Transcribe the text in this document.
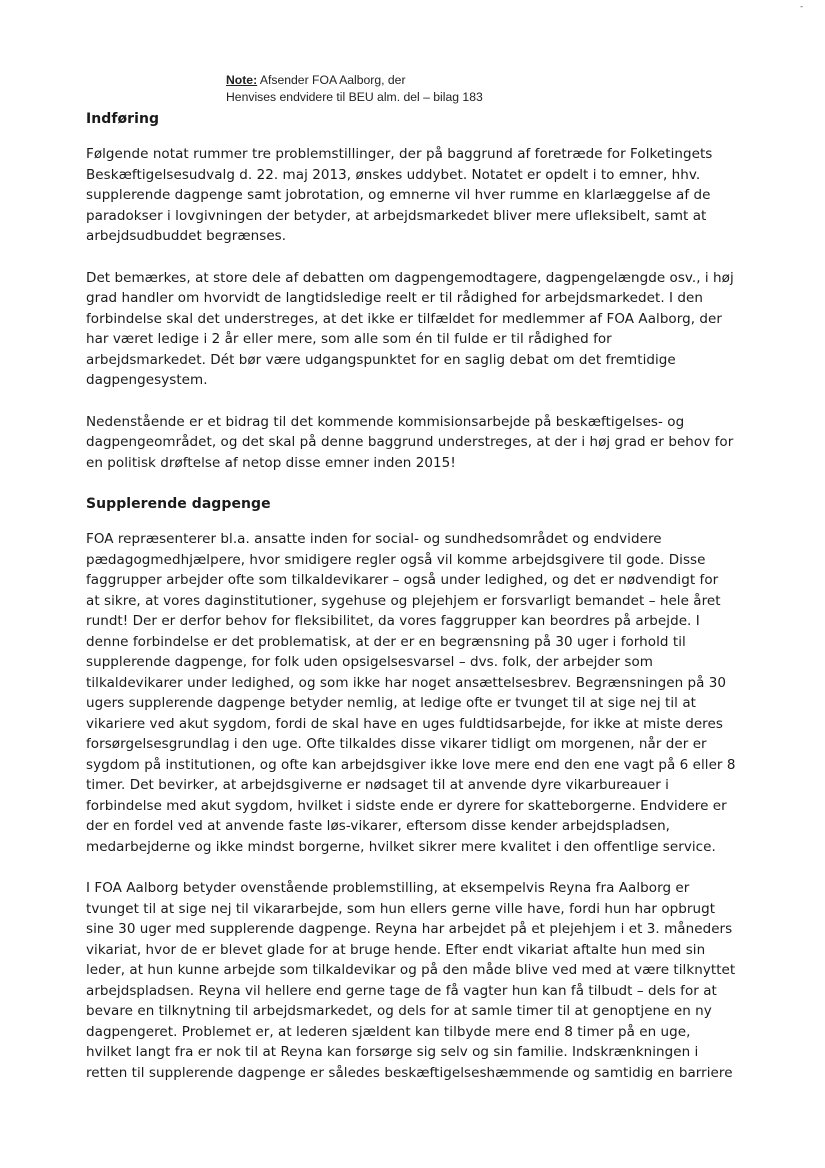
-
Note: Afsender FOA Aalborg, der
Henvises endvidere til BEU alm. del – bilag 183
Indføring

Følgende notat rummer tre problemstillinger, der på baggrund af foretræde for Folketingets
Beskæftigelsesudvalg d. 22. maj 2013, ønskes uddybet. Notatet er opdelt i to emner, hhv.
supplerende dagpenge samt jobrotation, og emnerne vil hver rumme en klarlæggelse af de
paradokser i lovgivningen der betyder, at arbejdsmarkedet bliver mere ufleksibelt, samt at
arbejdsudbuddet begrænses.

Det bemærkes, at store dele af debatten om dagpengemodtagere, dagpengelængde osv., i høj
grad handler om hvorvidt de langtidsledige reelt er til rådighed for arbejdsmarkedet. I den
forbindelse skal det understreges, at det ikke er tilfældet for medlemmer af FOA Aalborg, der
har været ledige i 2 år eller mere, som alle som én til fulde er til rådighed for
arbejdsmarkedet. Dét bør være udgangspunktet for en saglig debat om det fremtidige
dagpengesystem.

Nedenstående er et bidrag til det kommende kommisionsarbejde på beskæftigelses- og
dagpengeområdet, og det skal på denne baggrund understreges, at der i høj grad er behov for
en politisk drøftelse af netop disse emner inden 2015!

Supplerende dagpenge

FOA repræsenterer bl.a. ansatte inden for social- og sundhedsområdet og endvidere
pædagogmedhjælpere, hvor smidigere regler også vil komme arbejdsgivere til gode. Disse
faggrupper arbejder ofte som tilkaldevikarer – også under ledighed, og det er nødvendigt for
at sikre, at vores daginstitutioner, sygehuse og plejehjem er forsvarligt bemandet – hele året
rundt! Der er derfor behov for fleksibilitet, da vores faggrupper kan beordres på arbejde. I
denne forbindelse er det problematisk, at der er en begrænsning på 30 uger i forhold til
supplerende dagpenge, for folk uden opsigelsesvarsel – dvs. folk, der arbejder som
tilkaldevikarer under ledighed, og som ikke har noget ansættelsesbrev. Begrænsningen på 30
ugers supplerende dagpenge betyder nemlig, at ledige ofte er tvunget til at sige nej til at
vikariere ved akut sygdom, fordi de skal have en uges fuldtidsarbejde, for ikke at miste deres
forsørgelsesgrundlag i den uge. Ofte tilkaldes disse vikarer tidligt om morgenen, når der er
sygdom på institutionen, og ofte kan arbejdsgiver ikke love mere end den ene vagt på 6 eller 8
timer. Det bevirker, at arbejdsgiverne er nødsaget til at anvende dyre vikarbureauer i
forbindelse med akut sygdom, hvilket i sidste ende er dyrere for skatteborgerne. Endvidere er
der en fordel ved at anvende faste løs-vikarer, eftersom disse kender arbejdspladsen,
medarbejderne og ikke mindst borgerne, hvilket sikrer mere kvalitet i den offentlige service.

I FOA Aalborg betyder ovenstående problemstilling, at eksempelvis Reyna fra Aalborg er
tvunget til at sige nej til vikararbejde, som hun ellers gerne ville have, fordi hun har opbrugt
sine 30 uger med supplerende dagpenge. Reyna har arbejdet på et plejehjem i et 3. måneders
vikariat, hvor de er blevet glade for at bruge hende. Efter endt vikariat aftalte hun med sin
leder, at hun kunne arbejde som tilkaldevikar og på den måde blive ved med at være tilknyttet
arbejdspladsen. Reyna vil hellere end gerne tage de få vagter hun kan få tilbudt – dels for at
bevare en tilknytning til arbejdsmarkedet, og dels for at samle timer til at genoptjene en ny
dagpengeret. Problemet er, at lederen sjældent kan tilbyde mere end 8 timer på en uge,
hvilket langt fra er nok til at Reyna kan forsørge sig selv og sin familie. Indskrænkningen i
retten til supplerende dagpenge er således beskæftigelseshæmmende og samtidig en barriere
